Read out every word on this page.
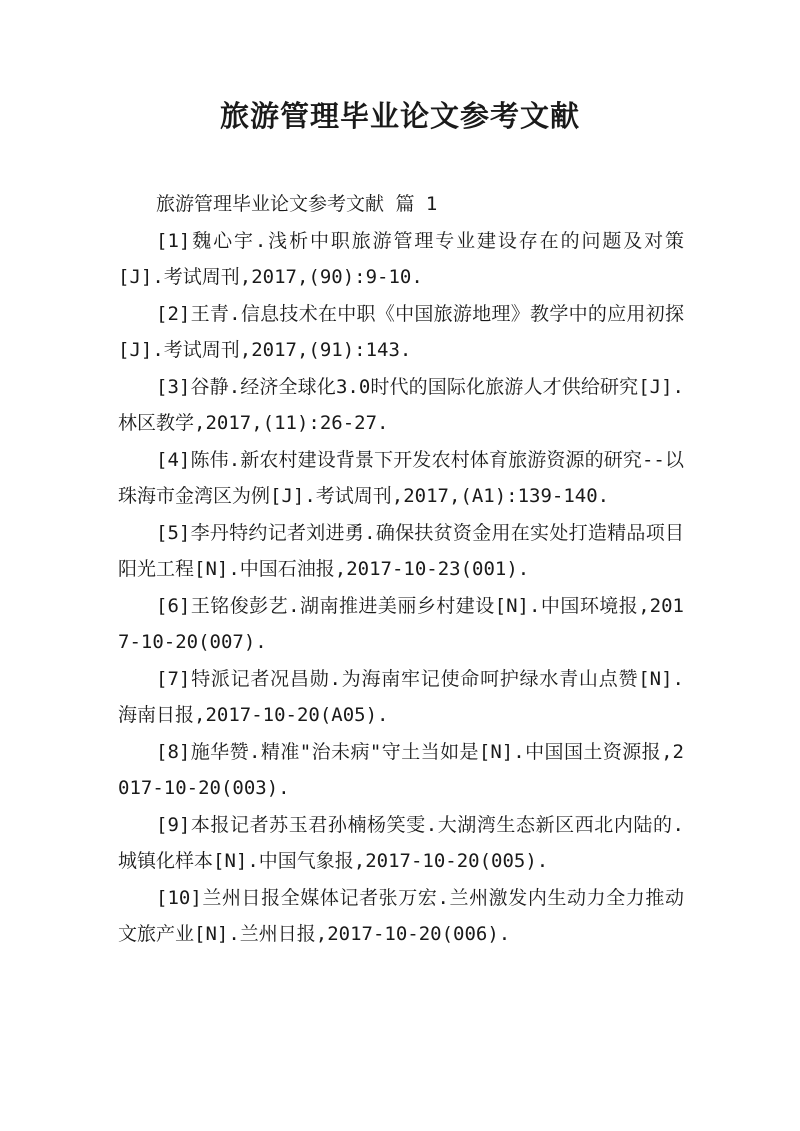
旅游管理毕业论文参考文献

旅游管理毕业论文参考文献 篇 1

[1]魏心宇.浅析中职旅游管理专业建设存在的问题及对策[J].考试周刊,2017,(90):9-10.

[2]王青.信息技术在中职《中国旅游地理》教学中的应用初探[J].考试周刊,2017,(91):143.

[3]谷静.经济全球化3.0时代的国际化旅游人才供给研究[J].林区教学,2017,(11):26-27.

[4]陈伟.新农村建设背景下开发农村体育旅游资源的研究--以珠海市金湾区为例[J].考试周刊,2017,(A1):139-140.

[5]李丹特约记者刘进勇.确保扶贫资金用在实处打造精品项目阳光工程[N].中国石油报,2017-10-23(001).

[6]王铭俊彭艺.湖南推进美丽乡村建设[N].中国环境报,2017-10-20(007).

[7]特派记者况昌勋.为海南牢记使命呵护绿水青山点赞[N].海南日报,2017-10-20(A05).

[8]施华赞.精准"治未病"守土当如是[N].中国国土资源报,2017-10-20(003).

[9]本报记者苏玉君孙楠杨笑雯.大湖湾生态新区西北内陆的.城镇化样本[N].中国气象报,2017-10-20(005).

[10]兰州日报全媒体记者张万宏.兰州激发内生动力全力推动文旅产业[N].兰州日报,2017-10-20(006).
